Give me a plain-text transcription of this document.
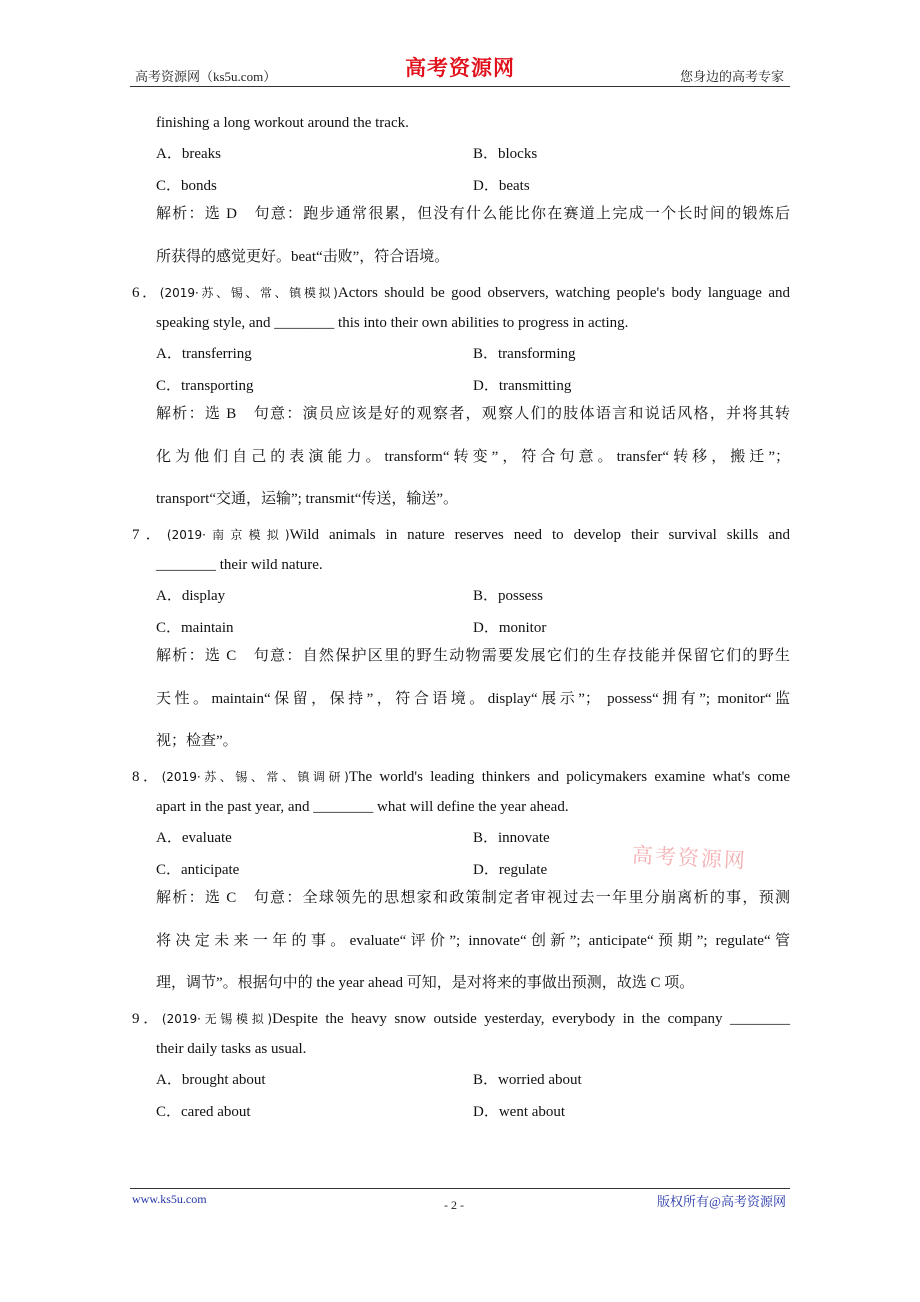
高考资源网（ks5u.com）	高考资源网	您身边的高考专家
finishing a long workout around the track.
A．breaks	B．blocks
C．bonds	D．beats
解析：选 D　句意：跑步通常很累，但没有什么能比你在赛道上完成一个长时间的锻炼后
所获得的感觉更好。beat“击败”，符合语境。
6．(2019·苏、锡、常、镇模拟)Actors should be good observers, watching people's body language and
speaking style, and ________ this into their own abilities to progress in acting.
A．transferring	B．transforming
C．transporting	D．transmitting
解析：选 B　句意：演员应该是好的观察者，观察人们的肢体语言和说话风格，并将其转
化为他们自己的表演能力。transform“转变”，符合句意。transfer“转移，搬迁”；
transport“交通，运输”; transmit“传送，输送”。
7．(2019·南京模拟)Wild animals in nature reserves need to develop their survival skills and
________ their wild nature.
A．display	B．possess
C．maintain	D．monitor
解析：选 C　句意：自然保护区里的野生动物需要发展它们的生存技能并保留它们的野生
天性。maintain“保留，保持”，符合语境。display“展示”； possess“拥有”; monitor“监
视；检查”。
8．(2019·苏、锡、常、镇调研)The world's leading thinkers and policymakers examine what's come
apart in the past year, and ________ what will define the year ahead.
A．evaluate	B．innovate
C．anticipate	D．regulate
解析：选 C　句意：全球领先的思想家和政策制定者审视过去一年里分崩离析的事，预测
将决定未来一年的事。evaluate“评价”; innovate“创新”; anticipate“预期”; regulate“管
理，调节”。根据句中的 the year ahead 可知，是对将来的事做出预测，故选 C 项。
9．(2019·无锡模拟)Despite the heavy snow outside yesterday, everybody in the company ________
their daily tasks as usual.
A．brought about	B．worried about
C．cared about	D．went about
高考资源网
www.ks5u.com	- 2 -	版权所有@高考资源网
